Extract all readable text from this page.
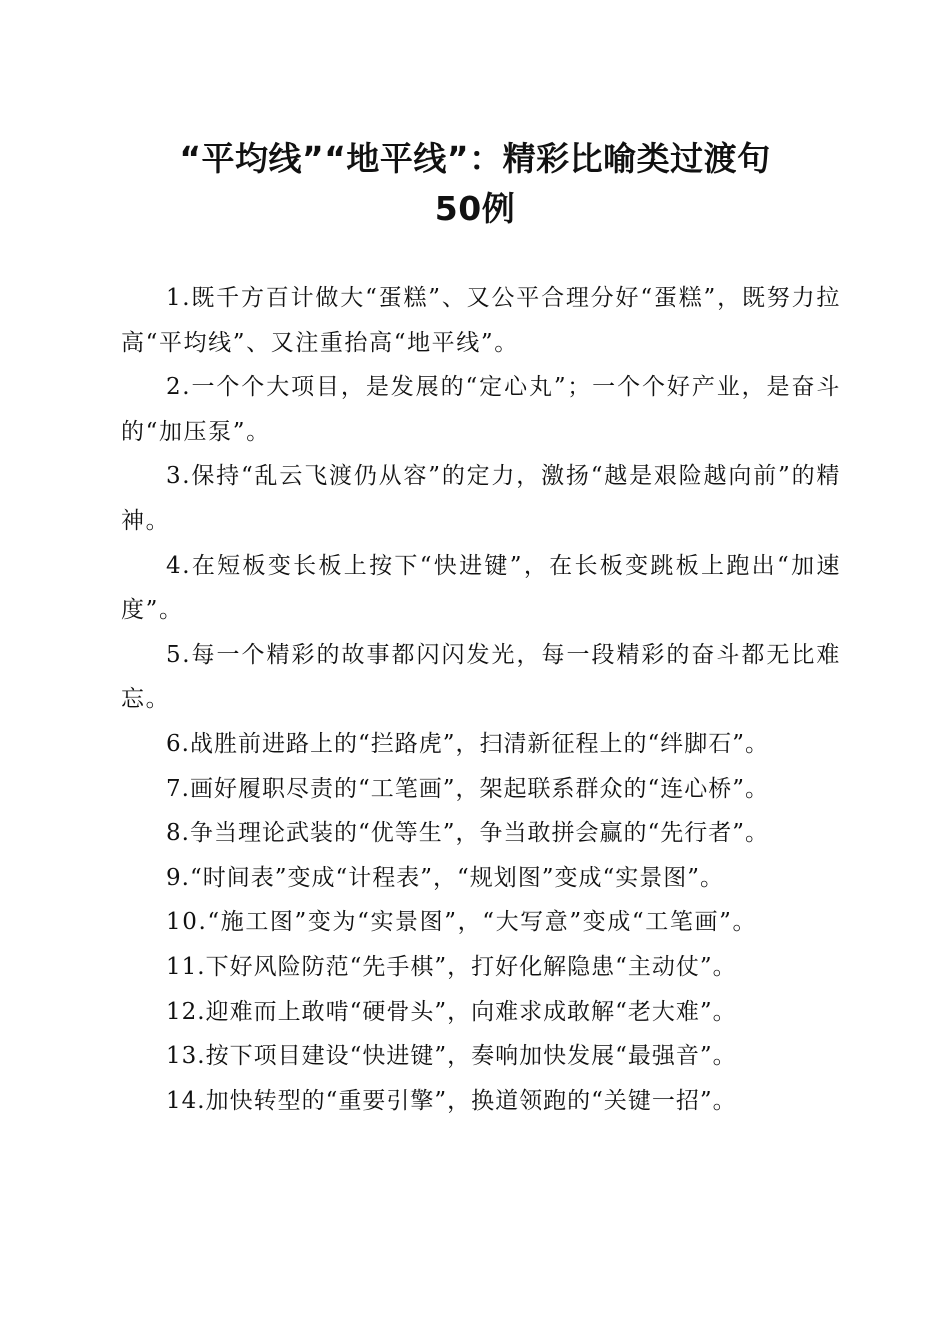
“平均线”“地平线”：精彩比喻类过渡句
50例

1.既千方百计做大“蛋糕”、又公平合理分好“蛋糕”，既努力拉高“平均线”、又注重抬高“地平线”。

2.一个个大项目，是发展的“定心丸”；一个个好产业，是奋斗的“加压泵”。

3.保持“乱云飞渡仍从容”的定力，激扬“越是艰险越向前”的精神。

4.在短板变长板上按下“快进键”，在长板变跳板上跑出“加速度”。

5.每一个精彩的故事都闪闪发光，每一段精彩的奋斗都无比难忘。

6.战胜前进路上的“拦路虎”，扫清新征程上的“绊脚石”。

7.画好履职尽责的“工笔画”，架起联系群众的“连心桥”。

8.争当理论武装的“优等生”，争当敢拼会赢的“先行者”。

9.“时间表”变成“计程表”，“规划图”变成“实景图”。

10.“施工图”变为“实景图”，“大写意”变成“工笔画”。

11.下好风险防范“先手棋”，打好化解隐患“主动仗”。

12.迎难而上敢啃“硬骨头”，向难求成敢解“老大难”。

13.按下项目建设“快进键”，奏响加快发展“最强音”。

14.加快转型的“重要引擎”，换道领跑的“关键一招”。
